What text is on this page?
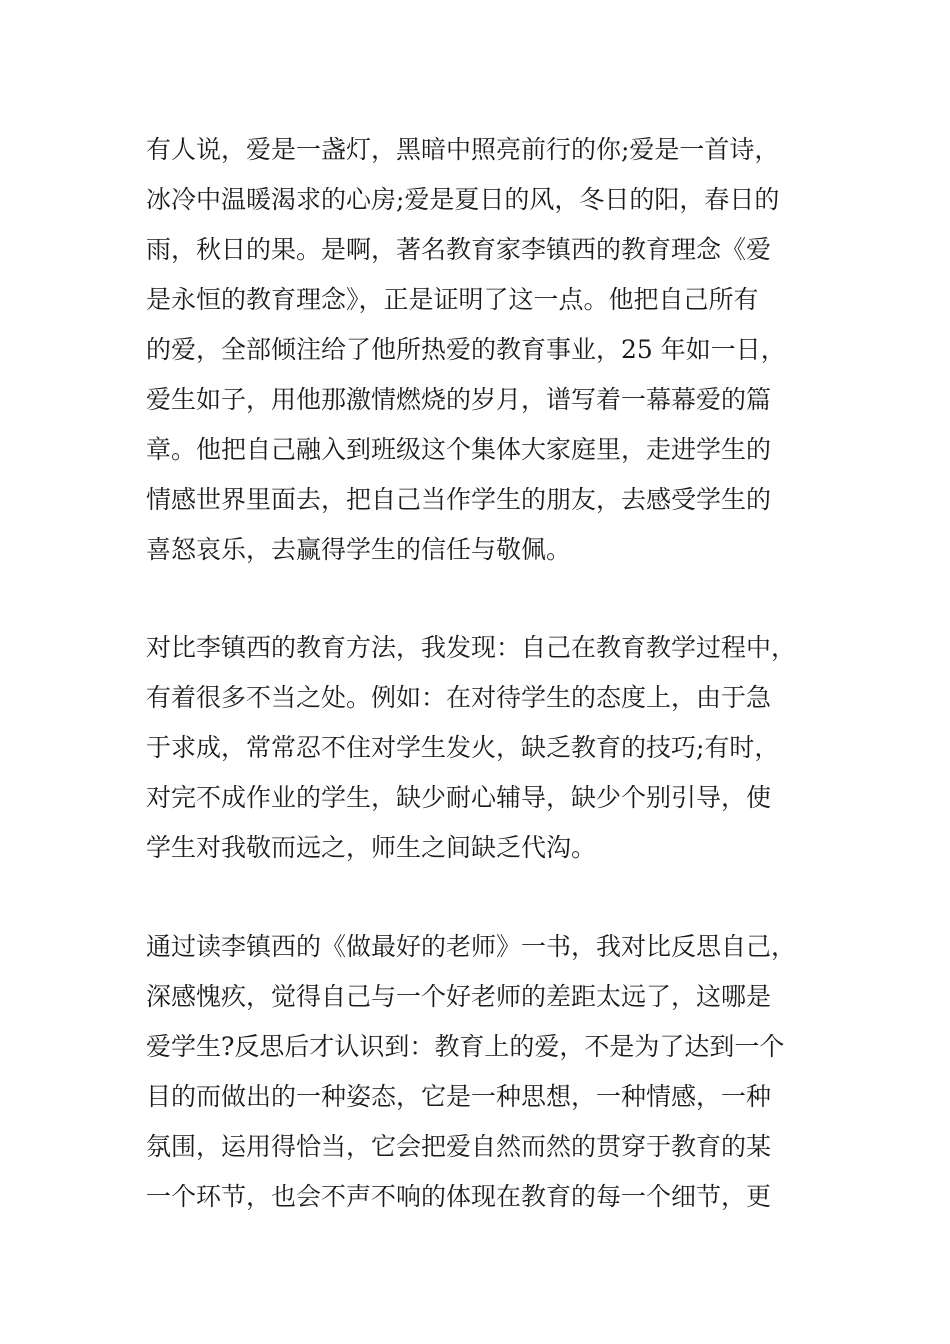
有人说，爱是一盏灯，黑暗中照亮前行的你;爱是一首诗，
冰冷中温暖渴求的心房;爱是夏日的风，冬日的阳，春日的
雨，秋日的果。是啊，著名教育家李镇西的教育理念《爱
是永恒的教育理念》，正是证明了这一点。他把自己所有
的爱，全部倾注给了他所热爱的教育事业，25 年如一日，
爱生如子，用他那激情燃烧的岁月，谱写着一幕幕爱的篇
章。他把自己融入到班级这个集体大家庭里，走进学生的
情感世界里面去，把自己当作学生的朋友，去感受学生的
喜怒哀乐，去赢得学生的信任与敬佩。
对比李镇西的教育方法，我发现：自己在教育教学过程中，
有着很多不当之处。例如：在对待学生的态度上，由于急
于求成，常常忍不住对学生发火，缺乏教育的技巧;有时，
对完不成作业的学生，缺少耐心辅导，缺少个别引导，使
学生对我敬而远之，师生之间缺乏代沟。
通过读李镇西的《做最好的老师》一书，我对比反思自己，
深感愧疚，觉得自己与一个好老师的差距太远了，这哪是
爱学生?反思后才认识到：教育上的爱，不是为了达到一个
目的而做出的一种姿态，它是一种思想，一种情感，一种
氛围，运用得恰当，它会把爱自然而然的贯穿于教育的某
一个环节，也会不声不响的体现在教育的每一个细节，更
